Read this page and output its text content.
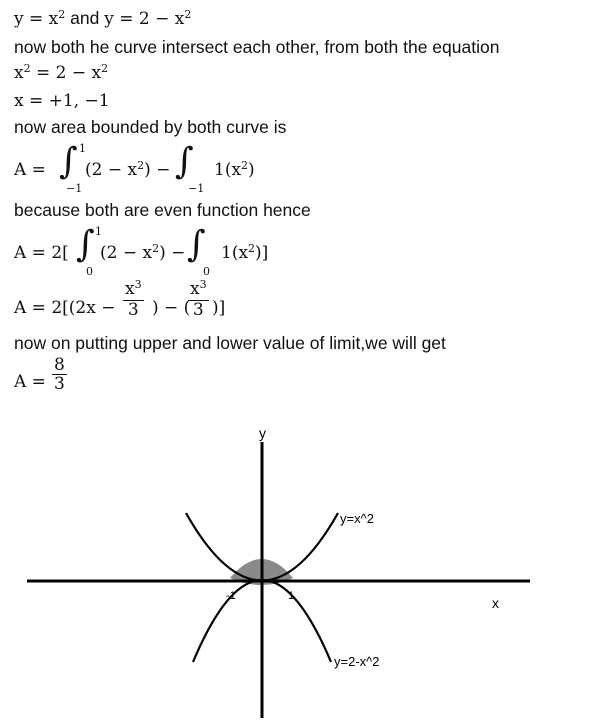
$y = x^2$ and $y = 2 - x^2$
now both he curve intersect each other, from both the equation
$x^2 = 2 - x^2$
x = +1, −1
now area bounded by both curve is
A = ∫ 1
−1
$(2 - x^2)$ − ∫
−1
$1(x^2)$
because both are even function hence
A = 2[ ∫ 1
0
$(2 - x^2)$ − ∫
0
$1(x^2)$]
$A = 2[(2x - \frac{x^3}{3}$ ) − (
$\frac{x^3}{3}$ )]
now on putting upper and lower value of limit,we will get
$A = \frac{8}{3}$
y
x
y=x^2
y=2-x^2
-1	1
